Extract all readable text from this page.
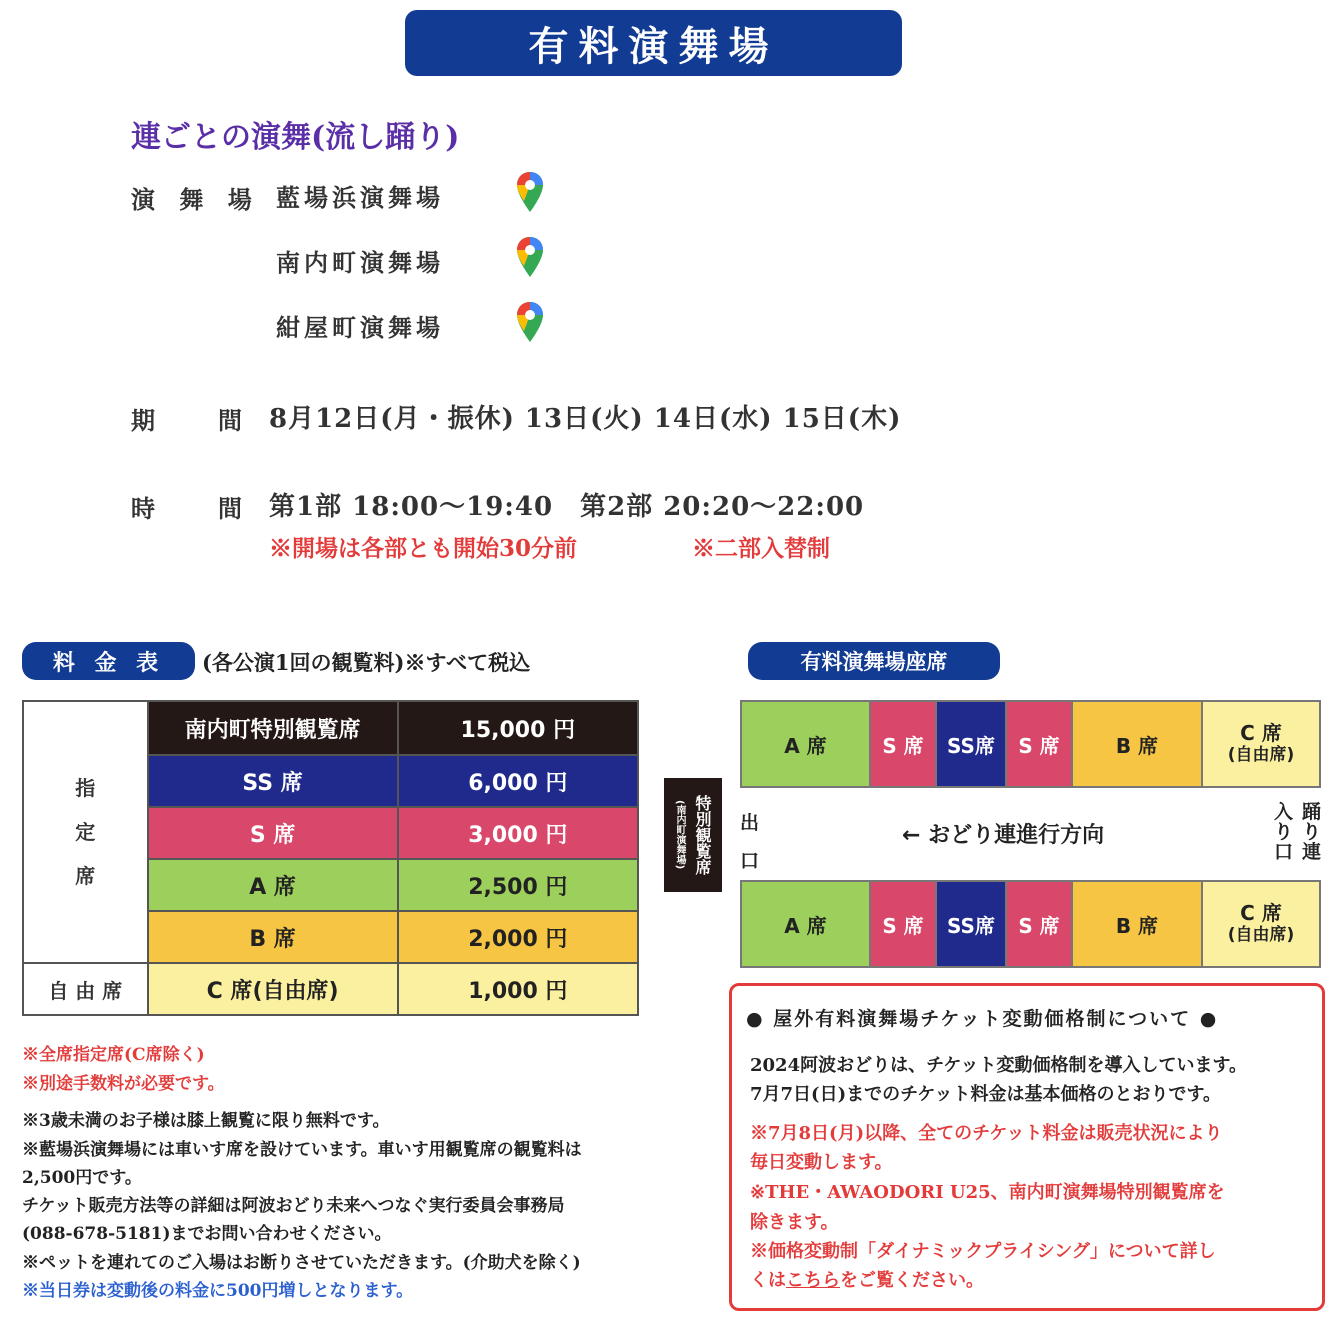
有料演舞場
連ごとの演舞(流し踊り)
演 舞 場 藍場浜演舞場
南内町演舞場
紺屋町演舞場
期	間 8月12日(月・振休) 13日(火) 14日(水) 15日(木)
時	間 第1部 18:00〜19:40　第2部 20:20〜22:00
※開場は各部とも開始30分前	※二部入替制
料 金 表	(各公演1回の観覧料)※すべて税込
指
定
席	南内町特別観覧席	15,000 円
	SS 席	6,000 円
	S 席	3,000 円
	A 席	2,500 円
	B 席	2,000 円
自 由 席	C 席(自由席)	1,000 円
特別観覧席
(南内町演舞場)
有料演舞場座席
A 席	S 席 SS席 S 席	B 席
C 席
(自由席)
A 席	S 席 SS席 S 席	B 席
C 席
(自由席)
出
口
← おどり連進行方向
入
り
口
踊
り
連
※全席指定席(C席除く)
※別途手数料が必要です。
※3歳未満のお子様は膝上観覧に限り無料です。
※藍場浜演舞場には車いす席を設けています。車いす用観覧席の観覧料は
2,500円です。
チケット販売方法等の詳細は阿波おどり未来へつなぐ実行委員会事務局
(088-678-5181)までお問い合わせください。
※ペットを連れてのご入場はお断りさせていただきます。(介助犬を除く)
※当日券は変動後の料金に500円増しとなります。
● 屋外有料演舞場チケット変動価格制について ●
2024阿波おどりは、チケット変動価格制を導入しています。
7月7日(日)までのチケット料金は基本価格のとおりです。
※7月8日(月)以降、全てのチケット料金は販売状況により
毎日変動します。
※THE・AWAODORI U25、南内町演舞場特別観覧席を
除きます。
※価格変動制「ダイナミックプライシング」について詳し
くはこちらをご覧ください。
